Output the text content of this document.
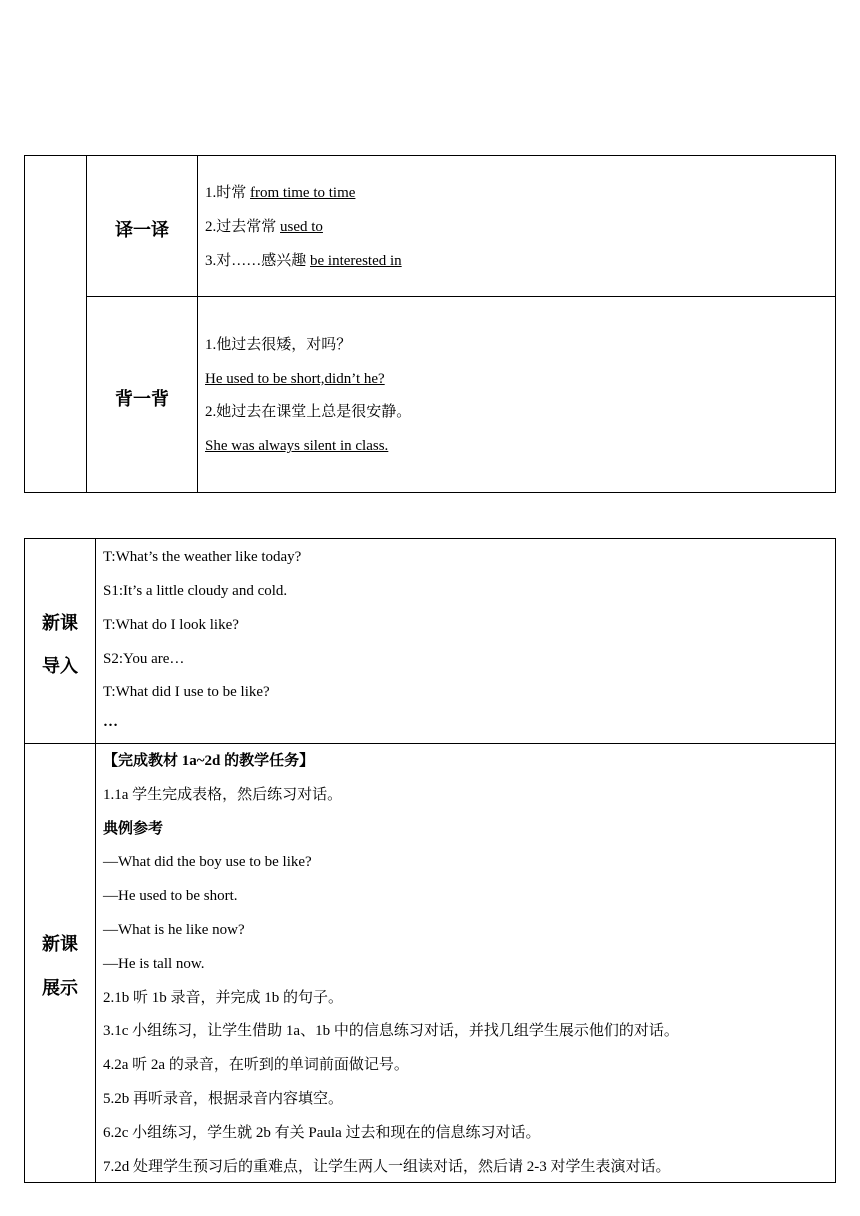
译一译
1.时常 from time to time
2.过去常常 used to
3.对……感兴趣 be interested in
背一背
1.他过去很矮，对吗？
He used to be short,didn’t he?
2.她过去在课堂上总是很安静。
She was always silent in class.
新课
导入
T:What’s the weather like today?
S1:It’s a little cloudy and cold.
T:What do I look like?
S2:You are…
T:What did I use to be like?
…
新课
展示
【完成教材 1a~2d 的教学任务】
1.1a 学生完成表格，然后练习对话。
典例参考
—What did the boy use to be like?
—He used to be short.
—What is he like now?
—He is tall now.
2.1b 听 1b 录音，并完成 1b 的句子。
3.1c 小组练习，让学生借助 1a、1b 中的信息练习对话，并找几组学生展示他们的对话。
4.2a 听 2a 的录音，在听到的单词前面做记号。
5.2b 再听录音，根据录音内容填空。
6.2c 小组练习，学生就 2b 有关 Paula 过去和现在的信息练习对话。
7.2d 处理学生预习后的重难点，让学生两人一组读对话，然后请 2-3 对学生表演对话。
